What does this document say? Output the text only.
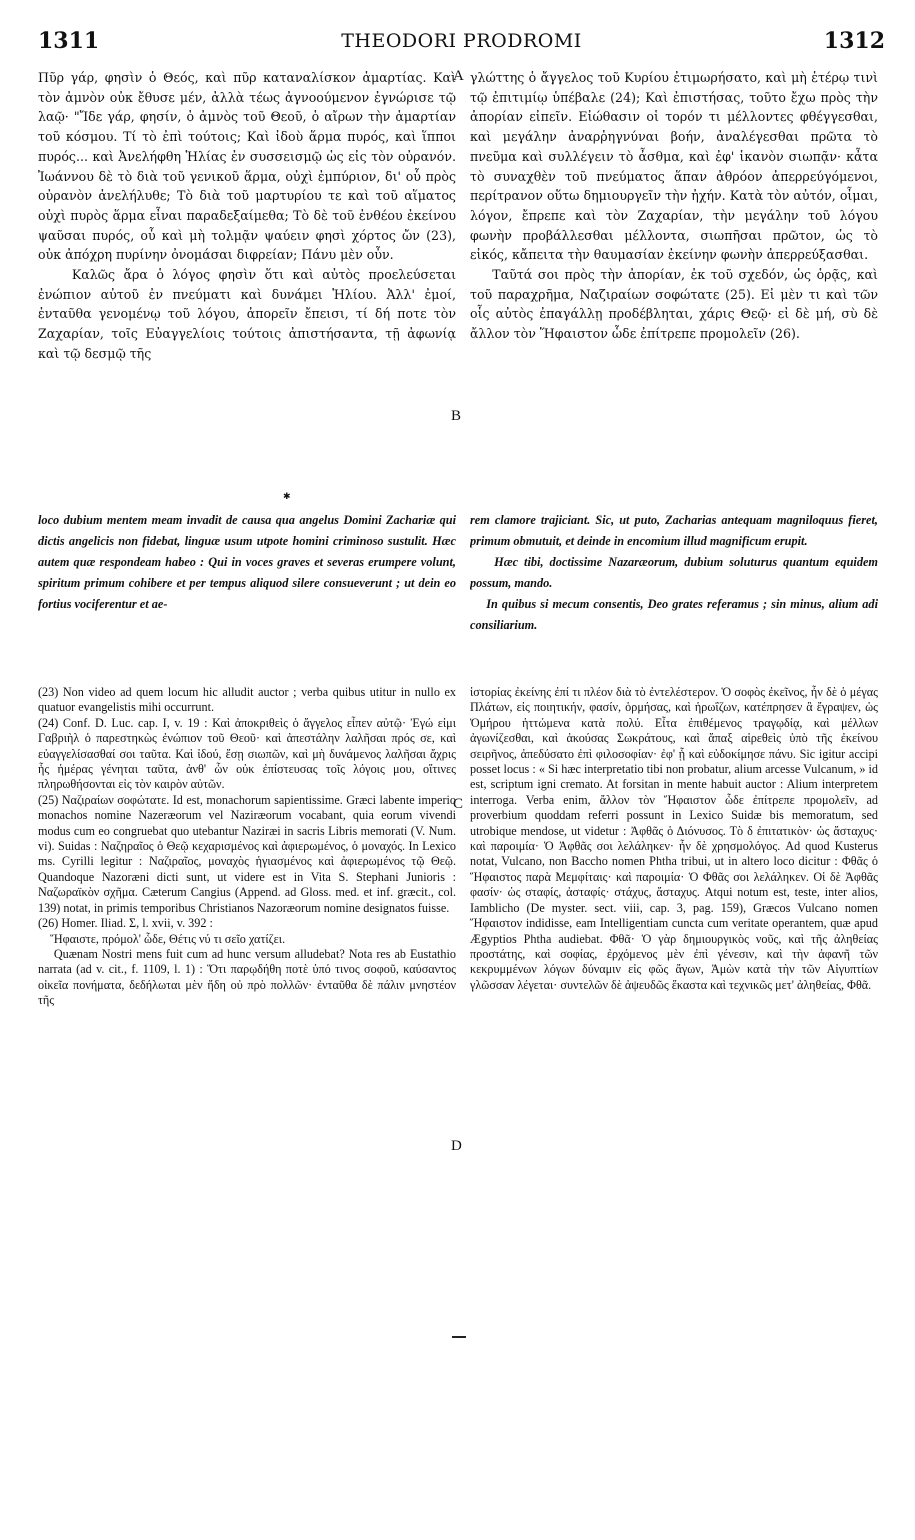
1311	THEODORI PRODROMI	1312

Πῦρ γάρ, φησὶν ὁ Θεός, καὶ πῦρ καταναλίσκον ἁμαρτίας. Καὶ τὸν ἀμνὸν οὐκ ἔθυσε μέν, ἀλλὰ τέως ἀγνοούμενον ἐγνώρισε τῷ λαῷ· "Ἴδε γάρ, φησίν, ὁ ἀμνὸς τοῦ Θεοῦ, ὁ αἴρων τὴν ἁμαρτίαν τοῦ κόσμου. Τί τὸ ἐπὶ τούτοις; Καὶ ἰδοὺ ἅρμα πυρός, καὶ ἵπποι πυρός... καὶ Ἀνελήφθη Ἡλίας ἐν συσσεισμῷ ὡς εἰς τὸν οὐρανόν. Ἰωάννου δὲ τὸ διὰ τοῦ γενικοῦ ἅρμα, οὐχὶ ἐμπύριον, δι' οὗ πρὸς οὐρανὸν ἀνελήλυθε; Τὸ διὰ τοῦ μαρτυρίου τε καὶ τοῦ αἵματος οὐχὶ πυρὸς ἅρμα εἶναι παραδεξαίμεθα; Τὸ δὲ τοῦ ἐνθέου ἐκείνου ψαῦσαι πυρός, οὗ καὶ μὴ τολμᾷν ψαύειν φησὶ χόρτος ὤν (23), οὐκ ἀπόχρη πυρίνην ὀνομάσαι διφρείαν; Πάνυ μὲν οὖν.
Καλῶς ἄρα ὁ λόγος φησὶν ὅτι καὶ αὐτὸς προελεύσεται ἐνώπιον αὐτοῦ ἐν πνεύματι καὶ δυνάμει Ἠλίου. Ἀλλ' ἐμοί, ἐνταῦθα γενομένῳ τοῦ λόγου, ἀπορεῖν ἔπεισι, τί δή ποτε τὸν Ζαχαρίαν, τοῖς Εὐαγγελίοις τούτοις ἀπιστήσαντα, τῇ ἀφωνίᾳ καὶ τῷ δεσμῷ τῆς

γλώττης ὁ ἄγγελος τοῦ Κυρίου ἐτιμωρήσατο, καὶ μὴ ἑτέρῳ τινὶ τῷ ἐπιτιμίῳ ὑπέβαλε (24); Καὶ ἐπιστήσας, τοῦτο ἔχω πρὸς τὴν ἀπορίαν εἰπεῖν. Εἰώθασιν οἱ τορόν τι μέλλοντες φθέγγεσθαι, καὶ μεγάλην ἀναρῥηγνύναι βοήν, ἀναλέγεσθαι πρῶτα τὸ πνεῦμα καὶ συλλέγειν τὸ ἆσθμα, καὶ ἐφ' ἱκανὸν σιωπᾷν· κἆτα τὸ συναχθὲν τοῦ πνεύματος ἅπαν ἀθρόον ἀπερρεύγόμενοι, περίτρανον οὕτω δημιουργεῖν τὴν ἠχήν. Κατὰ τὸν αὐτόν, οἶμαι, λόγον, ἔπρεπε καὶ τὸν Ζαχαρίαν, τὴν μεγάλην τοῦ λόγου φωνὴν προβάλλεσθαι μέλλοντα, σιωπῆσαι πρῶτον, ὡς τὸ εἰκός, κἄπειτα τὴν θαυμασίαν ἐκείνην φωνὴν ἀπερρεύξασθαι.
Ταῦτά σοι πρὸς τὴν ἀπορίαν, ἐκ τοῦ σχεδόν, ὡς ὁρᾷς, καὶ τοῦ παραχρῆμα, Ναζιραίων σοφώτατε (25). Εἰ μὲν τι καὶ τῶν οἷς αὐτὸς ἐπαγάλλῃ προδέβληται, χάρις Θεῷ· εἰ δὲ μή, σὺ δὲ ἄλλον τὸν Ἥφαιστον ὧδε ἐπίτρεπε προμολεῖν (26).

✱

loco dubium mentem meam invadit de causa qua angelus Domini Zachariæ qui dictis angelicis non fidebat, linguæ usum utpote homini criminoso sustulit. Hæc autem quæ respondeam habeo : Qui in voces graves et severas erumpere volunt, spiritum primum cohibere et per tempus aliquod silere consueverunt ; ut dein eo fortius vociferentur et ae-

rem clamore trajiciant. Sic, ut puto, Zacharias antequam magniloquus fieret, primum obmutuit, et deinde in encomium illud magnificum erupit.
Hæc tibi, doctissime Nazaræorum, dubium soluturus quantum equidem possum, mando.
In quibus si mecum consentis, Deo grates referamus ; sin minus, alium adi consiliarium.

(23) Non video ad quem locum hic alludit auctor ; verba quibus utitur in nullo ex quatuor evangelistis mihi occurrunt.
(24) Conf. D. Luc. cap. I, v. 19 : Καὶ ἀποκριθεὶς ὁ ἄγγελος εἶπεν αὐτῷ· Ἐγώ εἰμι Γαβριὴλ ὁ παρεστηκὼς ἐνώπιον τοῦ Θεοῦ· καὶ ἀπεστάλην λαλῆσαι πρός σε, καὶ εὐαγγελίσασθαί σοι ταῦτα. Καὶ ἰδού, ἔσῃ σιωπῶν, καὶ μὴ δυνάμενος λαλῆσαι ἄχρις ἧς ἡμέρας γένηται ταῦτα, ἀνθ' ὧν οὐκ ἐπίστευσας τοῖς λόγοις μου, οἵτινες πληρωθήσονται εἰς τὸν καιρὸν αὐτῶν.
(25) Ναζιραίων σοφώτατε. Id est, monachorum sapientissime. Græci labente imperio monachos nomine Nazeræorum vel Naziræorum vocabant, quia eorum vivendi modus cum eo congruebat quo utebantur Naziræi in sacris Libris memorati (V. Num. vi). Suidas : Ναζηραῖος ὁ Θεῷ κεχαρισμένος καὶ ἀφιερωμένος, ὁ μοναχός. In Lexico ms. Cyrilli legitur : Ναζιραῖος, μοναχὸς ἡγιασμένος καὶ ἀφιερωμένος τῷ Θεῷ. Quandoque Nazoræni dicti sunt, ut videre est in Vita S. Stephani Junioris : Ναζωραϊκὸν σχῆμα. Cæterum Cangius (Append. ad Gloss. med. et inf. græcit., col. 139) notat, in primis temporibus Christianos Nazoræorum nomine designatos fuisse.
(26) Homer. Iliad. Σ, l. xvii, v. 392 :
Ἥφαιστε, πρόμολ' ὧδε, Θέτις νύ τι σεῖο χατίζει.
Quænam Nostri mens fuit cum ad hunc versum alludebat? Nota res ab Eustathio narrata (ad v. cit., f. 1109, l. 1) : Ὅτι παρῳδήθη ποτὲ ὑπό τινος σοφοῦ, καύσαντος οἰκεῖα πονήματα, δεδήλωται μὲν ἤδη οὐ πρὸ πολλῶν· ἐνταῦθα δὲ πάλιν μνηστέον τῆς

ἱστορίας ἐκείνης ἐπί τι πλέον διὰ τὸ ἐντελέστερον. Ὁ σοφὸς ἐκεῖνος, ἦν δὲ ὁ μέγας Πλάτων, εἰς ποιητικήν, φασίν, ὁρμήσας, καὶ ἡρωΐζων, κατέπρησεν ἃ ἔγραψεν, ὡς Ὁμήρου ἡττώμενα κατὰ πολύ. Εἶτα ἐπιθέμενος τραγῳδίᾳ, καὶ μέλλων ἀγωνίζεσθαι, καὶ ἀκούσας Σωκράτους, καὶ ἅπαξ αἱρεθεὶς ὑπὸ τῆς ἐκείνου σειρῆνος, ἀπεδύσατο ἐπὶ φιλοσοφίαν· ἐφ' ᾗ καὶ εὐδοκίμησε πάνυ. Sic igitur accipi posset locus : « Si hæc interpretatio tibi non probatur, alium arcesse Vulcanum, » id est, scriptum igni cremato. At forsitan in mente habuit auctor : Alium interpretem interroga. Verba enim, ἄλλον τὸν Ἥφαιστον ὧδε ἐπίτρεπε προμολεῖν, ad proverbium quoddam referri possunt in Lexico Suidæ bis memoratum, sed utrobique mendose, ut videtur : Ἀφθᾶς ὁ Διόνυσος. Τὸ δ ἐπιτατικὸν· ὡς ἄσταχυς· καὶ παροιμία· Ὁ Ἀφθᾶς σοι λελάληκεν· ἦν δὲ χρησμολόγος. Ad quod Kusterus notat, Vulcano, non Baccho nomen Phtha tribui, ut in altero loco dicitur : Φθᾶς ὁ Ἥφαιστος παρὰ Μεμφίταις· καὶ παροιμία· Ὁ Φθᾶς σοι λελάληκεν. Οἱ δὲ Ἀφθᾶς φασίν· ὡς σταφίς, ἀσταφίς· στάχυς, ἄσταχυς. Atqui notum est, teste, inter alios, Iamblicho (De myster. sect. viii, cap. 3, pag. 159), Græcos Vulcano nomen Ἥφαιστον indidisse, eam Intelligentiam cuncta cum veritate operantem, quæ apud Ægyptios Phtha audiebat. Φθᾶ· Ὁ γὰρ δημιουργικὸς νοῦς, καὶ τῆς ἀληθείας προστάτης, καὶ σοφίας, ἐρχόμενος μὲν ἐπὶ γένεσιν, καὶ τὴν ἀφανῆ τῶν κεκρυμμένων λόγων δύναμιν εἰς φῶς ἄγων, Ἀμὼν κατὰ τὴν τῶν Αἰγυπτίων γλῶσσαν λέγεται· συντελῶν δὲ ἀψευδῶς ἕκαστα καὶ τεχνικῶς μετ' ἀληθείας, Φθᾶ.

A
B
C
D
